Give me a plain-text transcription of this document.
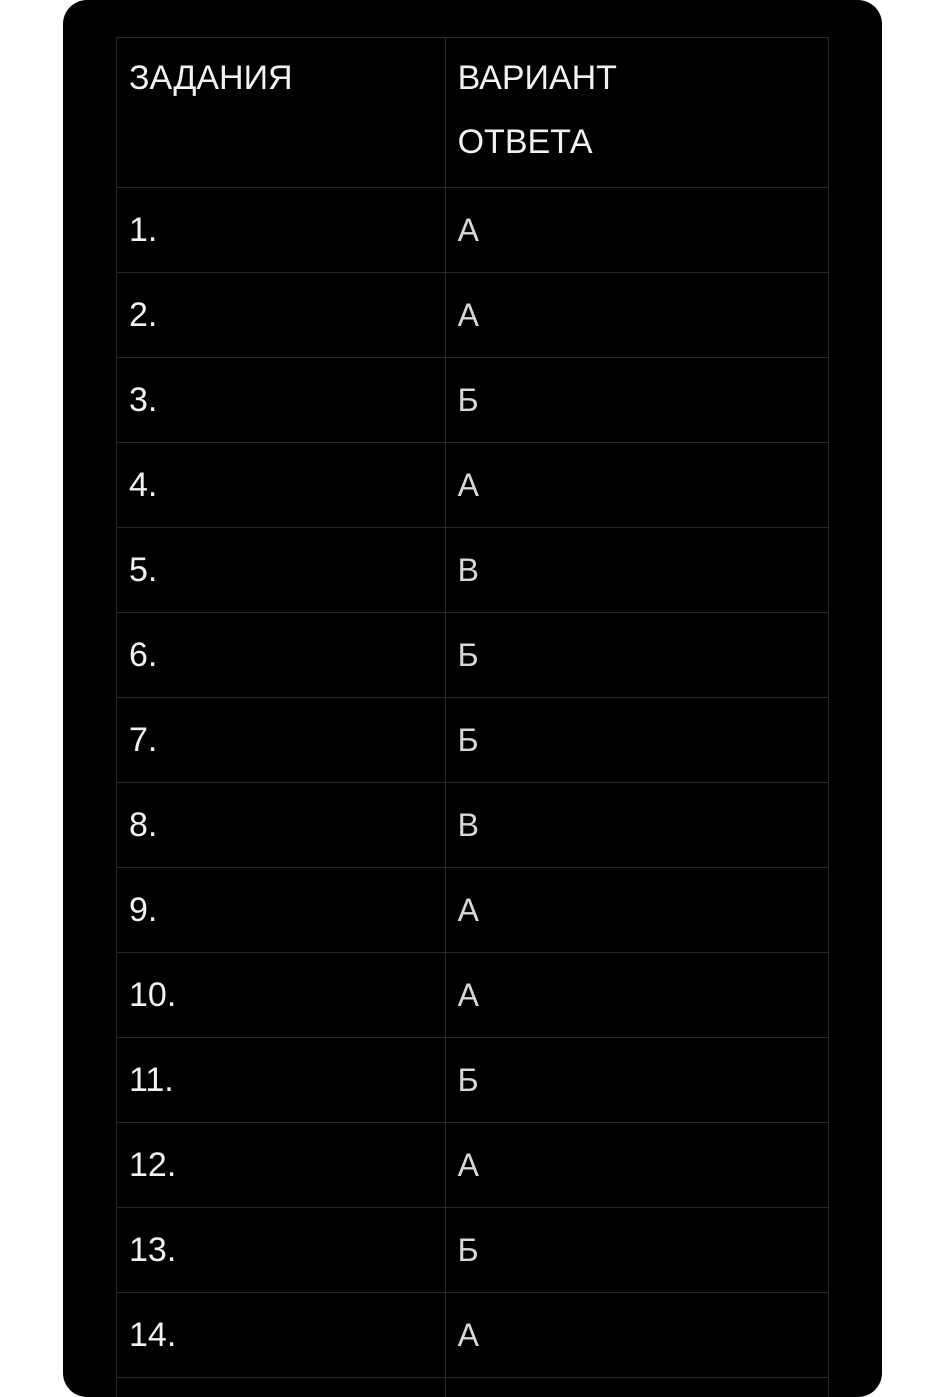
ЗАДАНИЯ	ВАРИАНТ
ОТВЕТА
1.	А
2.	А
3.	Б
4.	А
5.	В
6.	Б
7.	Б
8.	В
9.	А
10.	А
11.	Б
12.	А
13.	Б
14.	А
